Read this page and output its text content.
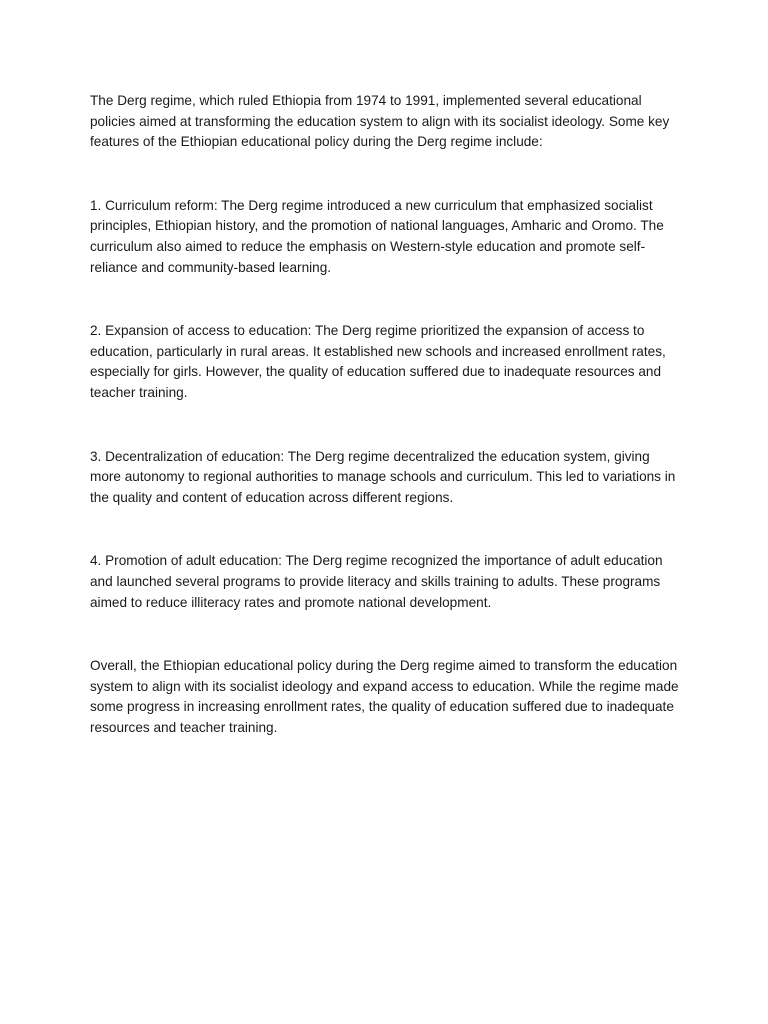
The Derg regime, which ruled Ethiopia from 1974 to 1991, implemented several educational policies aimed at transforming the education system to align with its socialist ideology. Some key features of the Ethiopian educational policy during the Derg regime include:

1. Curriculum reform: The Derg regime introduced a new curriculum that emphasized socialist principles, Ethiopian history, and the promotion of national languages, Amharic and Oromo. The curriculum also aimed to reduce the emphasis on Western-style education and promote self-reliance and community-based learning.

2. Expansion of access to education: The Derg regime prioritized the expansion of access to education, particularly in rural areas. It established new schools and increased enrollment rates, especially for girls. However, the quality of education suffered due to inadequate resources and teacher training.

3. Decentralization of education: The Derg regime decentralized the education system, giving more autonomy to regional authorities to manage schools and curriculum. This led to variations in the quality and content of education across different regions.

4. Promotion of adult education: The Derg regime recognized the importance of adult education and launched several programs to provide literacy and skills training to adults. These programs aimed to reduce illiteracy rates and promote national development.

Overall, the Ethiopian educational policy during the Derg regime aimed to transform the education system to align with its socialist ideology and expand access to education. While the regime made some progress in increasing enrollment rates, the quality of education suffered due to inadequate resources and teacher training.
